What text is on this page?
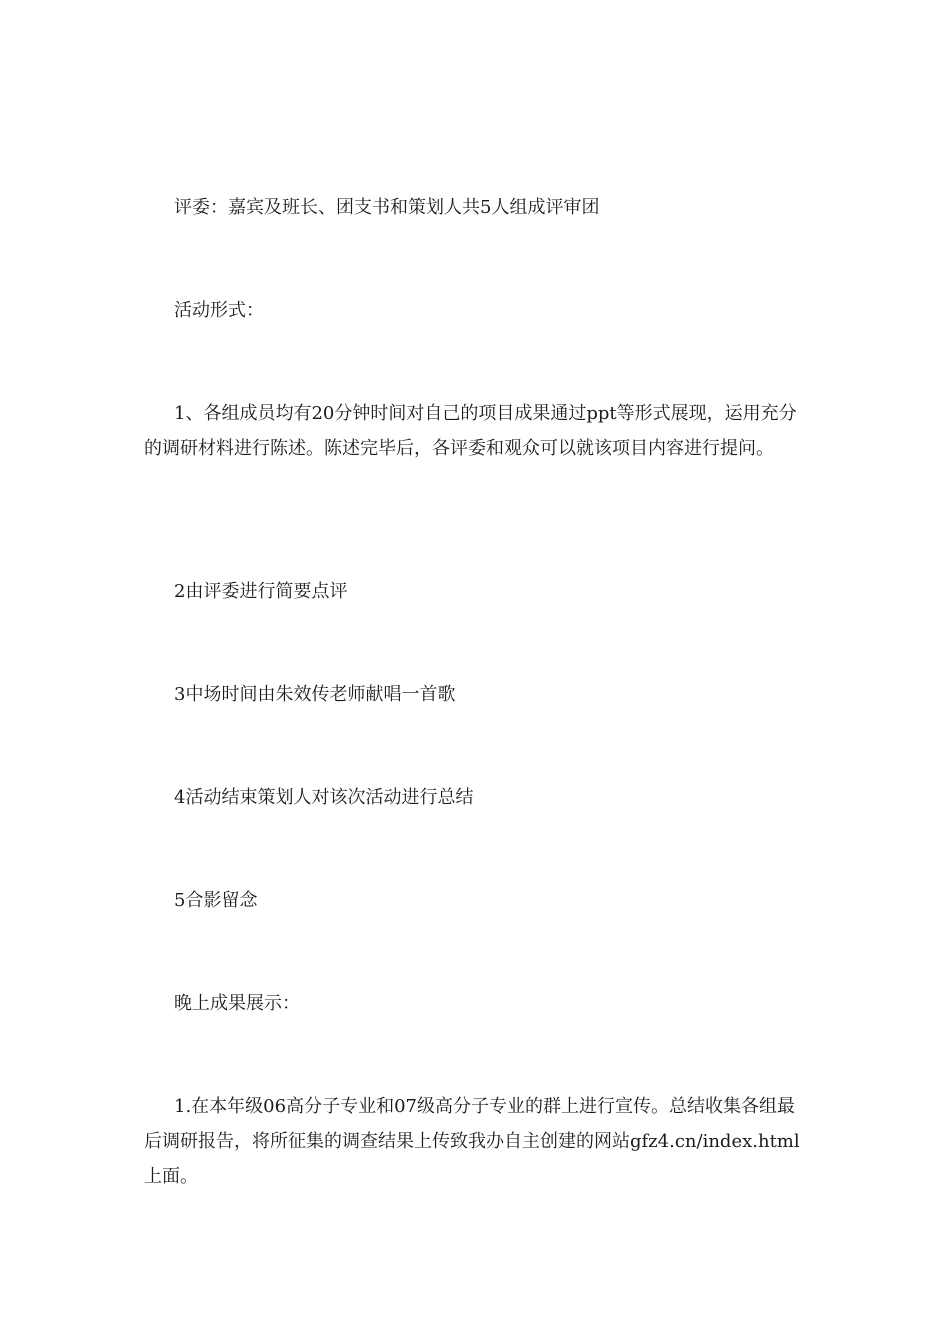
评委：嘉宾及班长、团支书和策划人共5人组成评审团

活动形式：

1、各组成员均有20分钟时间对自己的项目成果通过ppt等形式展现，运用充分的调研材料进行陈述。陈述完毕后，各评委和观众可以就该项目内容进行提问。

2由评委进行简要点评

3中场时间由朱效传老师献唱一首歌

4活动结束策划人对该次活动进行总结

5合影留念

晚上成果展示：

1.在本年级06高分子专业和07级高分子专业的群上进行宣传。总结收集各组最后调研报告，将所征集的调查结果上传致我办自主创建的网站gfz4.cn/index.html 上面。
